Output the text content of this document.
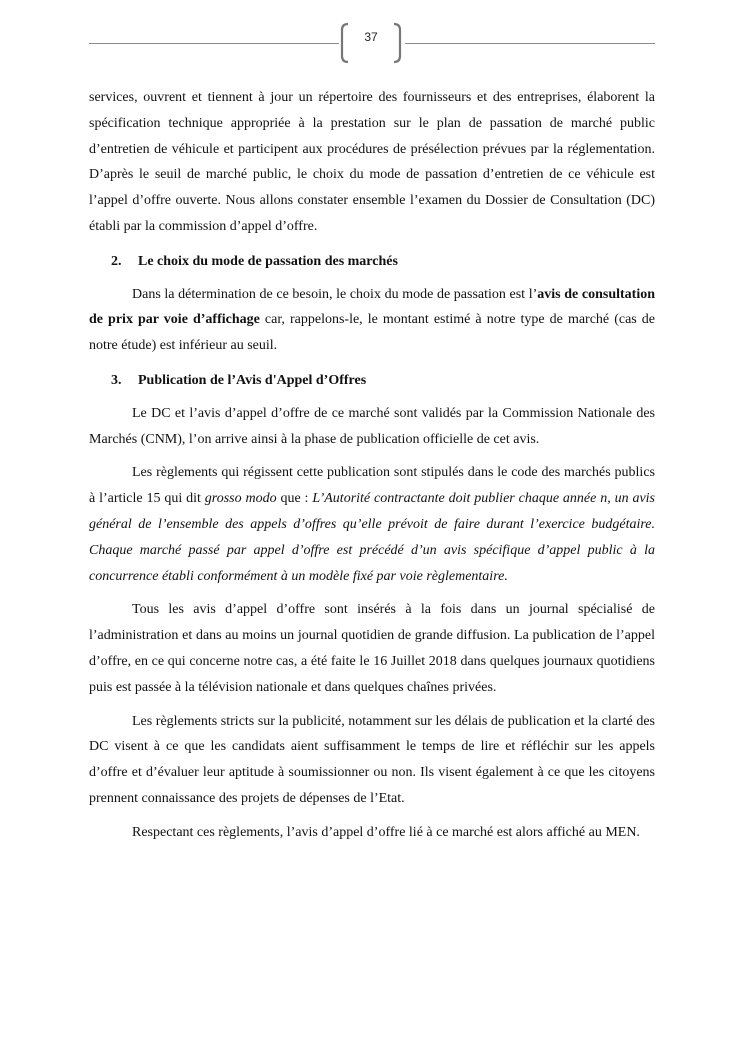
37

services, ouvrent et tiennent à jour un répertoire des fournisseurs et des entreprises, élaborent la spécification technique appropriée à la prestation sur le plan de passation de marché public d’entretien de véhicule et participent aux procédures de présélection prévues par la réglementation. D’après le seuil de marché public, le choix du mode de passation d’entretien de ce véhicule est l’appel d’offre ouverte. Nous allons constater ensemble l’examen du Dossier de Consultation (DC) établi par la commission d’appel d’offre.

2. Le choix du mode de passation des marchés

Dans la détermination de ce besoin, le choix du mode de passation est l’avis de consultation de prix par voie d’affichage car, rappelons-le, le montant estimé à notre type de marché (cas de notre étude) est inférieur au seuil.

3. Publication de l’Avis d'Appel d’Offres

Le DC et l’avis d’appel d’offre de ce marché sont validés par la Commission Nationale des Marchés (CNM), l’on arrive ainsi à la phase de publication officielle de cet avis.

Les règlements qui régissent cette publication sont stipulés dans le code des marchés publics à l’article 15 qui dit grosso modo que : L’Autorité contractante doit publier chaque année n, un avis général de l’ensemble des appels d’offres qu’elle prévoit de faire durant l’exercice budgétaire. Chaque marché passé par appel d’offre est précédé d’un avis spécifique d’appel public à la concurrence établi conformément à un modèle fixé par voie règlementaire.

Tous les avis d’appel d’offre sont insérés à la fois dans un journal spécialisé de l’administration et dans au moins un journal quotidien de grande diffusion. La publication de l’appel d’offre, en ce qui concerne notre cas, a été faite le 16 Juillet 2018 dans quelques journaux quotidiens puis est passée à la télévision nationale et dans quelques chaînes privées.

Les règlements stricts sur la publicité, notamment sur les délais de publication et la clarté des DC visent à ce que les candidats aient suffisamment le temps de lire et réfléchir sur les appels d’offre et d’évaluer leur aptitude à soumissionner ou non. Ils visent également à ce que les citoyens prennent connaissance des projets de dépenses de l’Etat.

Respectant ces règlements, l’avis d’appel d’offre lié à ce marché est alors affiché au MEN.
